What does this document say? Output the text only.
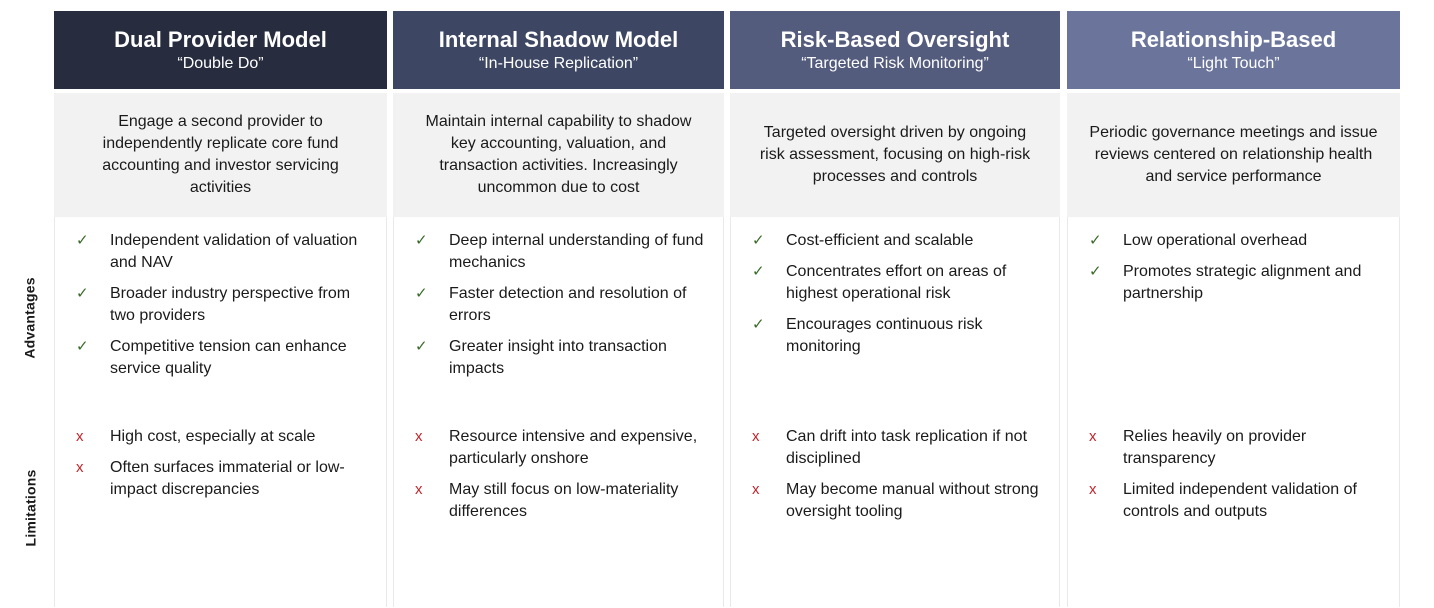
Advantages
Limitations
Dual Provider Model
“Double Do”
Engage a second provider to independently replicate core fund accounting and investor servicing activities
✓ Independent validation of valuation and NAV
✓ Broader industry perspective from two providers
✓ Competitive tension can enhance service quality
x High cost, especially at scale
x Often surfaces immaterial or low-impact discrepancies
Internal Shadow Model
“In-House Replication”
Maintain internal capability to shadow key accounting, valuation, and transaction activities. Increasingly uncommon due to cost
✓ Deep internal understanding of fund mechanics
✓ Faster detection and resolution of errors
✓ Greater insight into transaction impacts
x Resource intensive and expensive, particularly onshore
x May still focus on low-materiality differences
Risk-Based Oversight
“Targeted Risk Monitoring”
Targeted oversight driven by ongoing risk assessment, focusing on high-risk processes and controls
✓ Cost-efficient and scalable
✓ Concentrates effort on areas of highest operational risk
✓ Encourages continuous risk monitoring
x Can drift into task replication if not disciplined
x May become manual without strong oversight tooling
Relationship-Based
“Light Touch”
Periodic governance meetings and issue reviews centered on relationship health and service performance
✓ Low operational overhead
✓ Promotes strategic alignment and partnership
x Relies heavily on provider transparency
x Limited independent validation of controls and outputs
